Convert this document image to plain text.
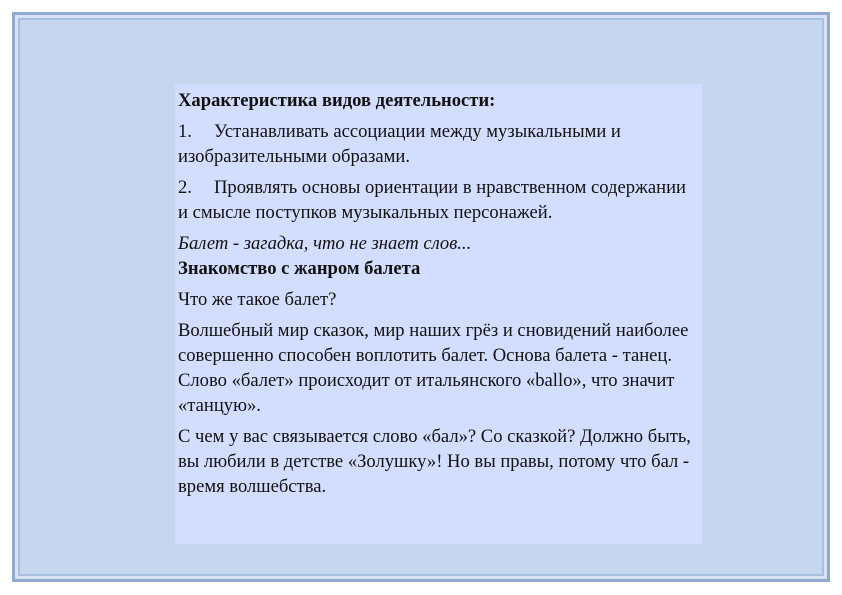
Характеристика видов деятельности:

1. Устанавливать ассоциации между музыкальными и изобразительными образами.

2. Проявлять основы ориентации в нравственном содержании и смысле поступков музыкальных персонажей.

Балет - загадка, что не знает слов...

Знакомство с жанром балета

Что же такое балет?

Волшебный мир сказок, мир наших грёз и сновидений наиболее совершенно способен воплотить балет. Основа балета - танец. Слово «балет» происходит от итальянского «ballo», что значит «танцую».

С чем у вас связывается слово «бал»? Со сказкой? Должно быть, вы любили в детстве «Золушку»! Но вы правы, потому что бал - время волшебства.
